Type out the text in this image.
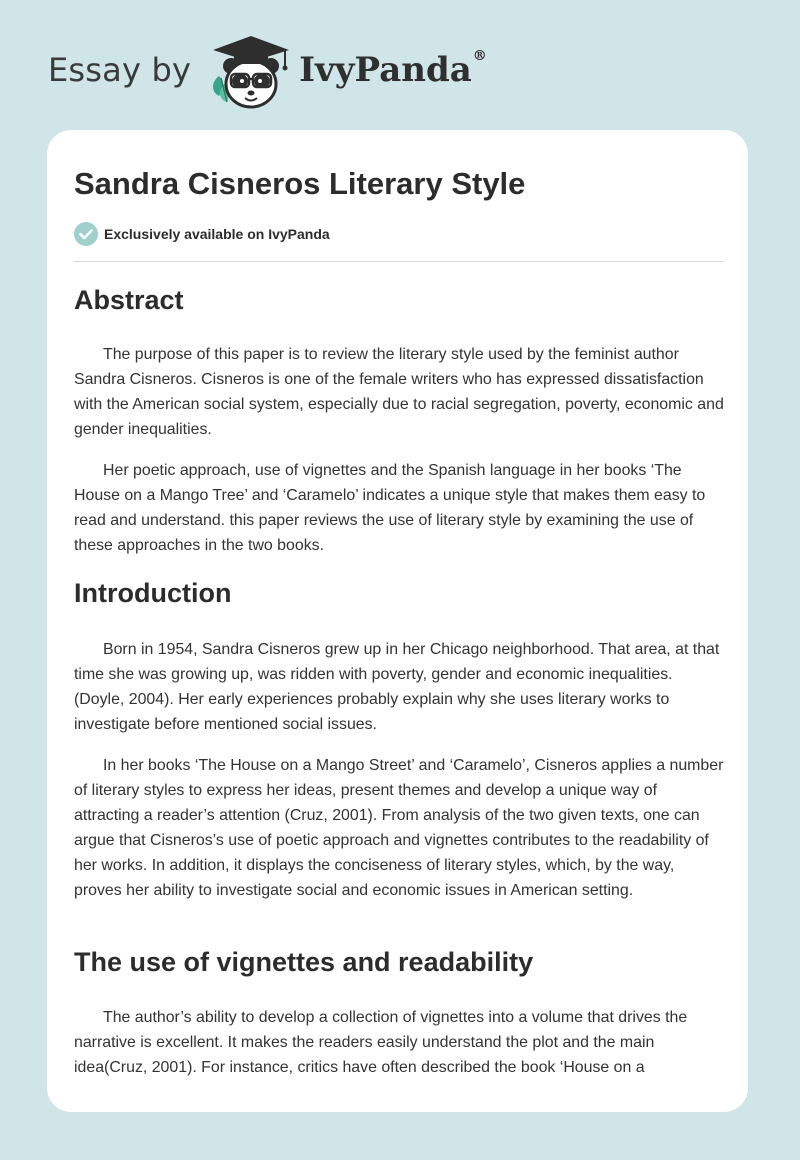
Essay by	IvyPanda®
Sandra Cisneros Literary Style
Exclusively available on IvyPanda
Abstract

The purpose of this paper is to review the literary style used by the feminist author Sandra Cisneros. Cisneros is one of the female writers who has expressed dissatisfaction with the American social system, especially due to racial segregation, poverty, economic and gender inequalities.

Her poetic approach, use of vignettes and the Spanish language in her books ‘The House on a Mango Tree’ and ‘Caramelo’ indicates a unique style that makes them easy to read and understand. this paper reviews the use of literary style by examining the use of these approaches in the two books.

Introduction

Born in 1954, Sandra Cisneros grew up in her Chicago neighborhood. That area, at that time she was growing up, was ridden with poverty, gender and economic inequalities. (Doyle, 2004). Her early experiences probably explain why she uses literary works to investigate before mentioned social issues.

In her books ‘The House on a Mango Street’ and ‘Caramelo’, Cisneros applies a number of literary styles to express her ideas, present themes and develop a unique way of attracting a reader’s attention (Cruz, 2001). From analysis of the two given texts, one can argue that Cisneros’s use of poetic approach and vignettes contributes to the readability of her works. In addition, it displays the conciseness of literary styles, which, by the way, proves her ability to investigate social and economic issues in American setting.

The use of vignettes and readability

The author’s ability to develop a collection of vignettes into a volume that drives the narrative is excellent. It makes the readers easily understand the plot and the main idea(Cruz, 2001). For instance, critics have often described the book ‘House on a
